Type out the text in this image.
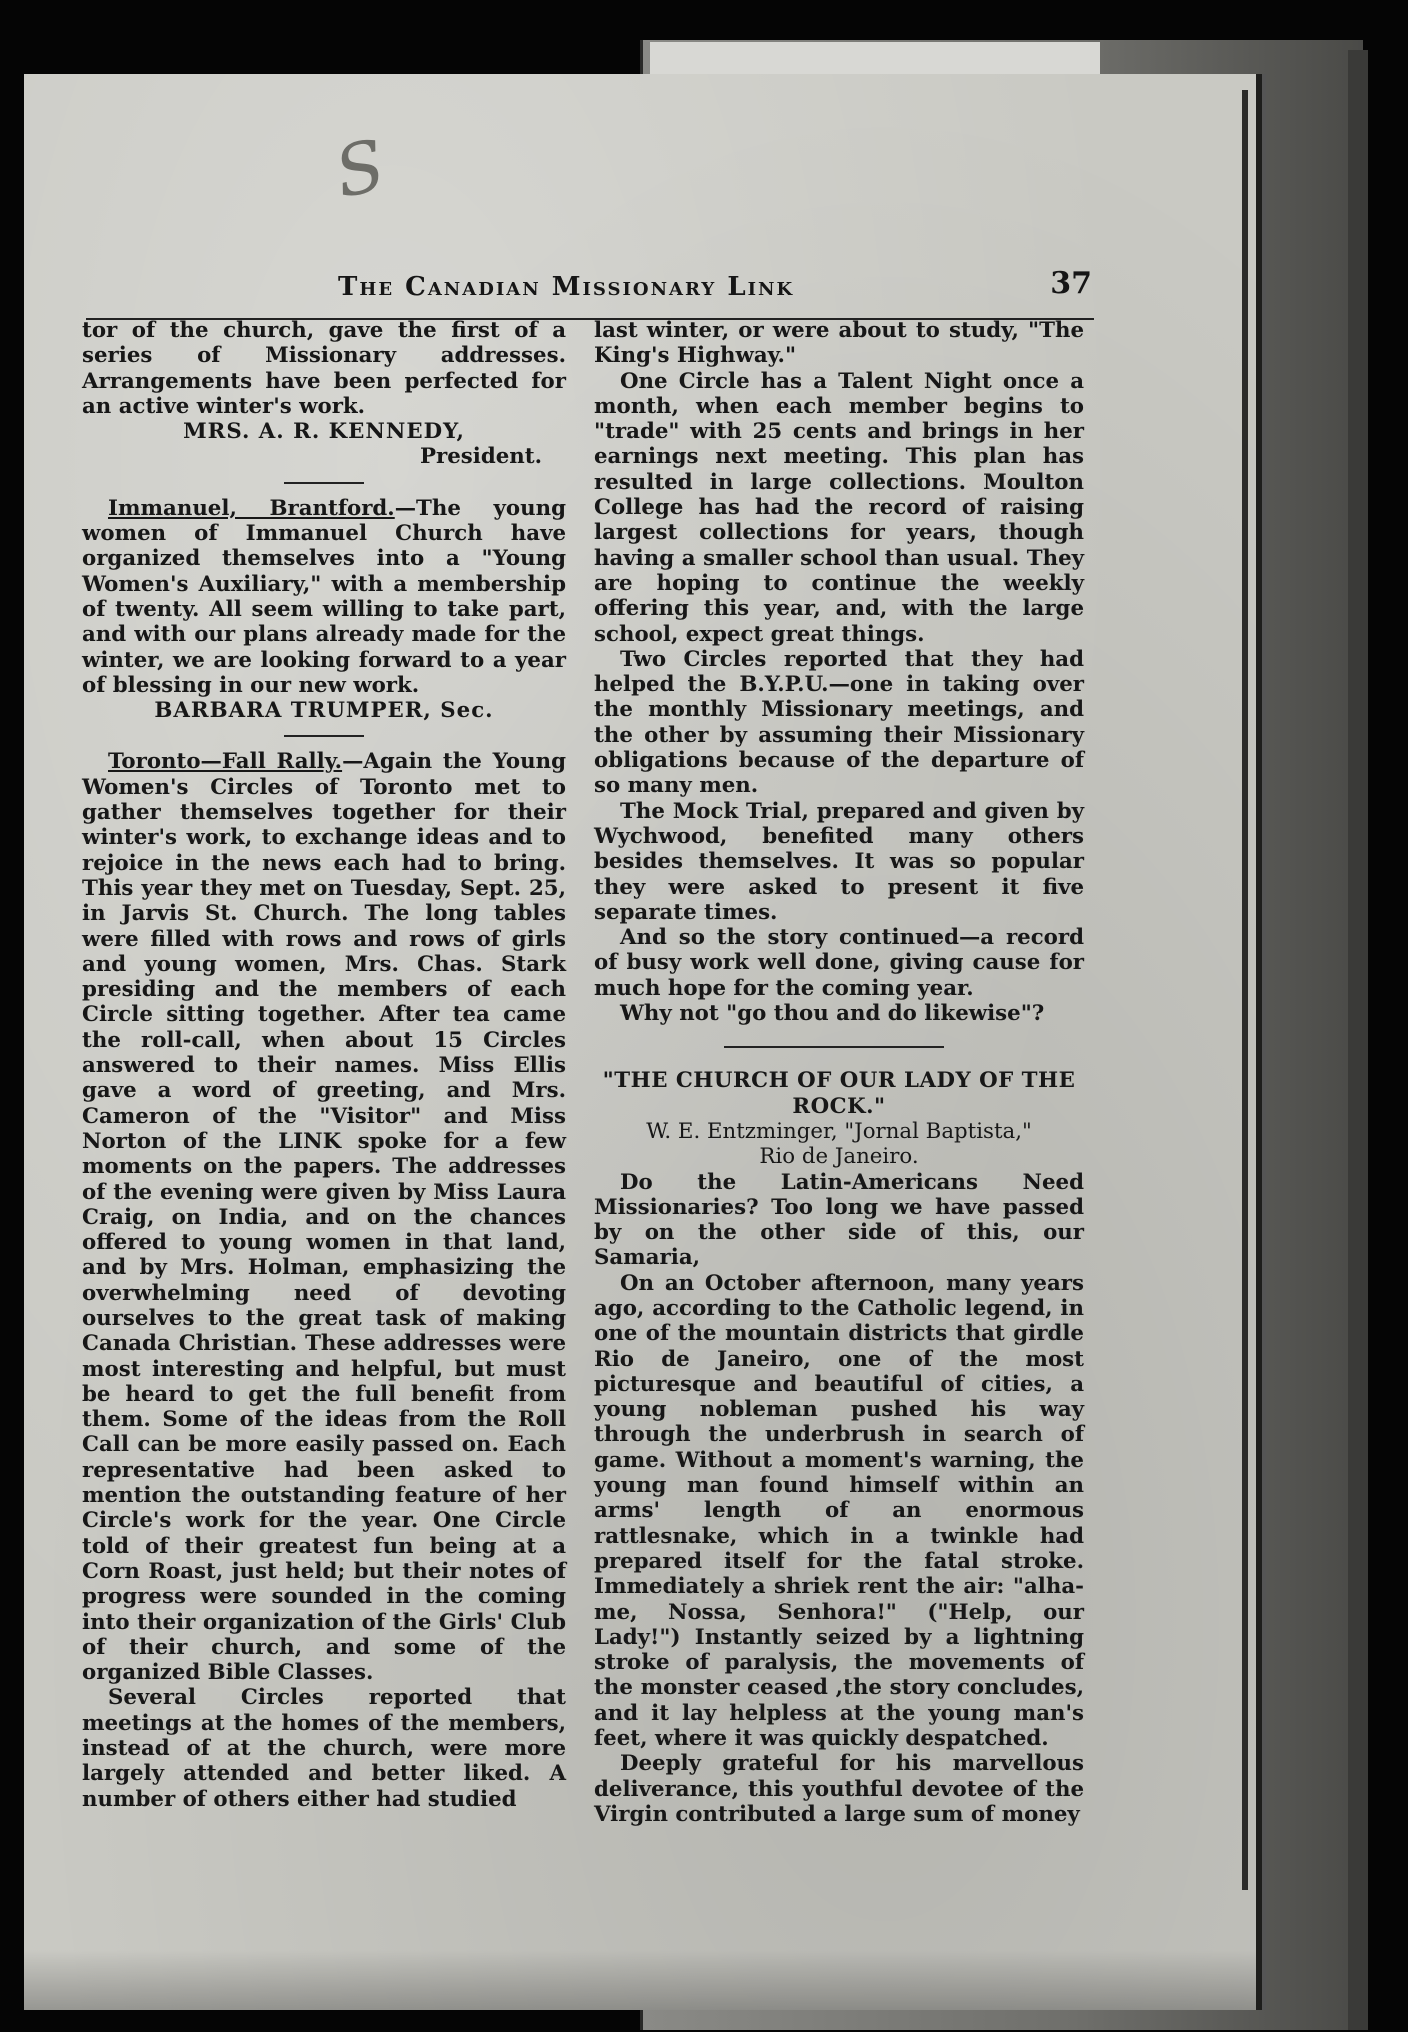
S
The Canadian Missionary Link	37

tor of the church, gave the first of a series of Missionary addresses. Arrangements have been perfected for an active winter's work.

MRS. A. R. KENNEDY,

President.

Immanuel, Brantford.—The young women of Immanuel Church have organized themselves into a "Young Women's Auxiliary," with a membership of twenty. All seem willing to take part, and with our plans already made for the winter, we are looking forward to a year of blessing in our new work.

BARBARA TRUMPER, Sec.

Toronto—Fall Rally.—Again the Young Women's Circles of Toronto met to gather themselves together for their winter's work, to exchange ideas and to rejoice in the news each had to bring. This year they met on Tuesday, Sept. 25, in Jarvis St. Church. The long tables were filled with rows and rows of girls and young women, Mrs. Chas. Stark presiding and the members of each Circle sitting together. After tea came the roll-call, when about 15 Circles answered to their names. Miss Ellis gave a word of greeting, and Mrs. Cameron of the "Visitor" and Miss Norton of the LINK spoke for a few moments on the papers. The addresses of the evening were given by Miss Laura Craig, on India, and on the chances offered to young women in that land, and by Mrs. Holman, emphasizing the overwhelming need of devoting ourselves to the great task of making Canada Christian. These addresses were most interesting and helpful, but must be heard to get the full benefit from them. Some of the ideas from the Roll Call can be more easily passed on. Each representative had been asked to mention the outstanding feature of her Circle's work for the year. One Circle told of their greatest fun being at a Corn Roast, just held; but their notes of progress were sounded in the coming into their organization of the Girls' Club of their church, and some of the organized Bible Classes.

Several Circles reported that meetings at the homes of the members, instead of at the church, were more largely attended and better liked. A number of others either had studied

last winter, or were about to study, "The King's Highway."

One Circle has a Talent Night once a month, when each member begins to "trade" with 25 cents and brings in her earnings next meeting. This plan has resulted in large collections. Moulton College has had the record of raising largest collections for years, though having a smaller school than usual. They are hoping to continue the weekly offering this year, and, with the large school, expect great things.

Two Circles reported that they had helped the B.Y.P.U.—one in taking over the monthly Missionary meetings, and the other by assuming their Missionary obligations because of the departure of so many men.

The Mock Trial, prepared and given by Wychwood, benefited many others besides themselves. It was so popular they were asked to present it five separate times.

And so the story continued—a record of busy work well done, giving cause for much hope for the coming year.

Why not "go thou and do likewise"?

"THE CHURCH OF OUR LADY OF THE ROCK."

W. E. Entzminger, "Jornal Baptista,"

Rio de Janeiro.

Do the Latin-Americans Need Missionaries? Too long we have passed by on the other side of this, our Samaria,

On an October afternoon, many years ago, according to the Catholic legend, in one of the mountain districts that girdle Rio de Janeiro, one of the most picturesque and beautiful of cities, a young nobleman pushed his way through the underbrush in search of game. Without a moment's warning, the young man found himself within an arms' length of an enormous rattlesnake, which in a twinkle had prepared itself for the fatal stroke. Immediately a shriek rent the air: "alha-me, Nossa, Senhora!" ("Help, our Lady!") Instantly seized by a lightning stroke of paralysis, the movements of the monster ceased ,the story concludes, and it lay helpless at the young man's feet, where it was quickly despatched.

Deeply grateful for his marvellous deliverance, this youthful devotee of the Virgin contributed a large sum of money
